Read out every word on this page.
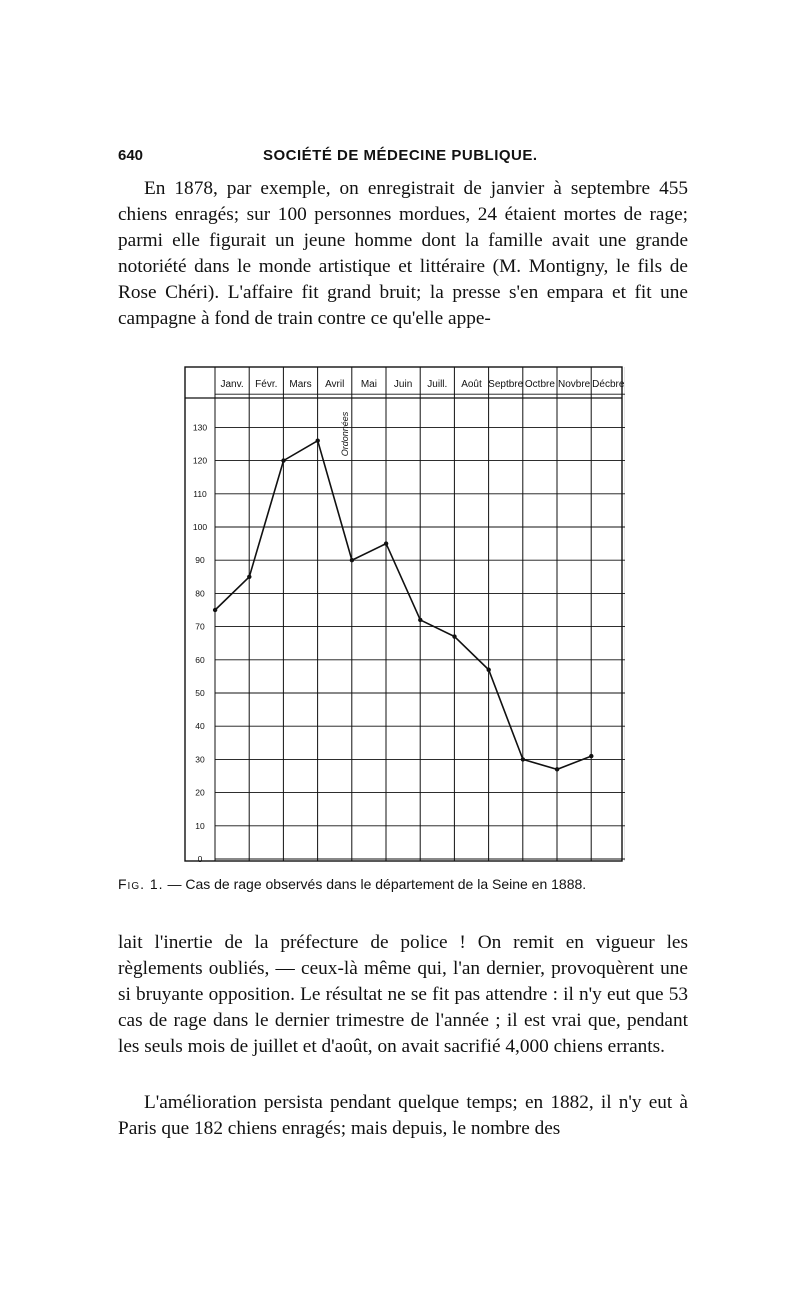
640	SOCIÉTÉ DE MÉDECINE PUBLIQUE.

En 1878, par exemple, on enregistrait de janvier à septembre 455 chiens enragés; sur 100 personnes mordues, 24 étaient mortes de rage; parmi elle figurait un jeune homme dont la famille avait une grande notoriété dans le monde artistique et littéraire (M. Montigny, le fils de Rose Chéri). L'affaire fit grand bruit; la presse s'en empara et fit une campagne à fond de train contre ce qu'elle appe-

0
10
20
30
40
50
60
70
80
90
100
110
120
130
Janv. Févr. Mars Avril Mai Juin Juill. Août Septbre Octbre Novbre Décbre
Ordonnées
Fig. 1. — Cas de rage observés dans le département de la Seine en 1888.

lait l'inertie de la préfecture de police ! On remit en vigueur les règlements oubliés, — ceux-là même qui, l'an dernier, provoquèrent une si bruyante opposition. Le résultat ne se fit pas attendre : il n'y eut que 53 cas de rage dans le dernier trimestre de l'année ; il est vrai que, pendant les seuls mois de juillet et d'août, on avait sacrifié 4,000 chiens errants.

L'amélioration persista pendant quelque temps; en 1882, il n'y eut à Paris que 182 chiens enragés; mais depuis, le nombre des
